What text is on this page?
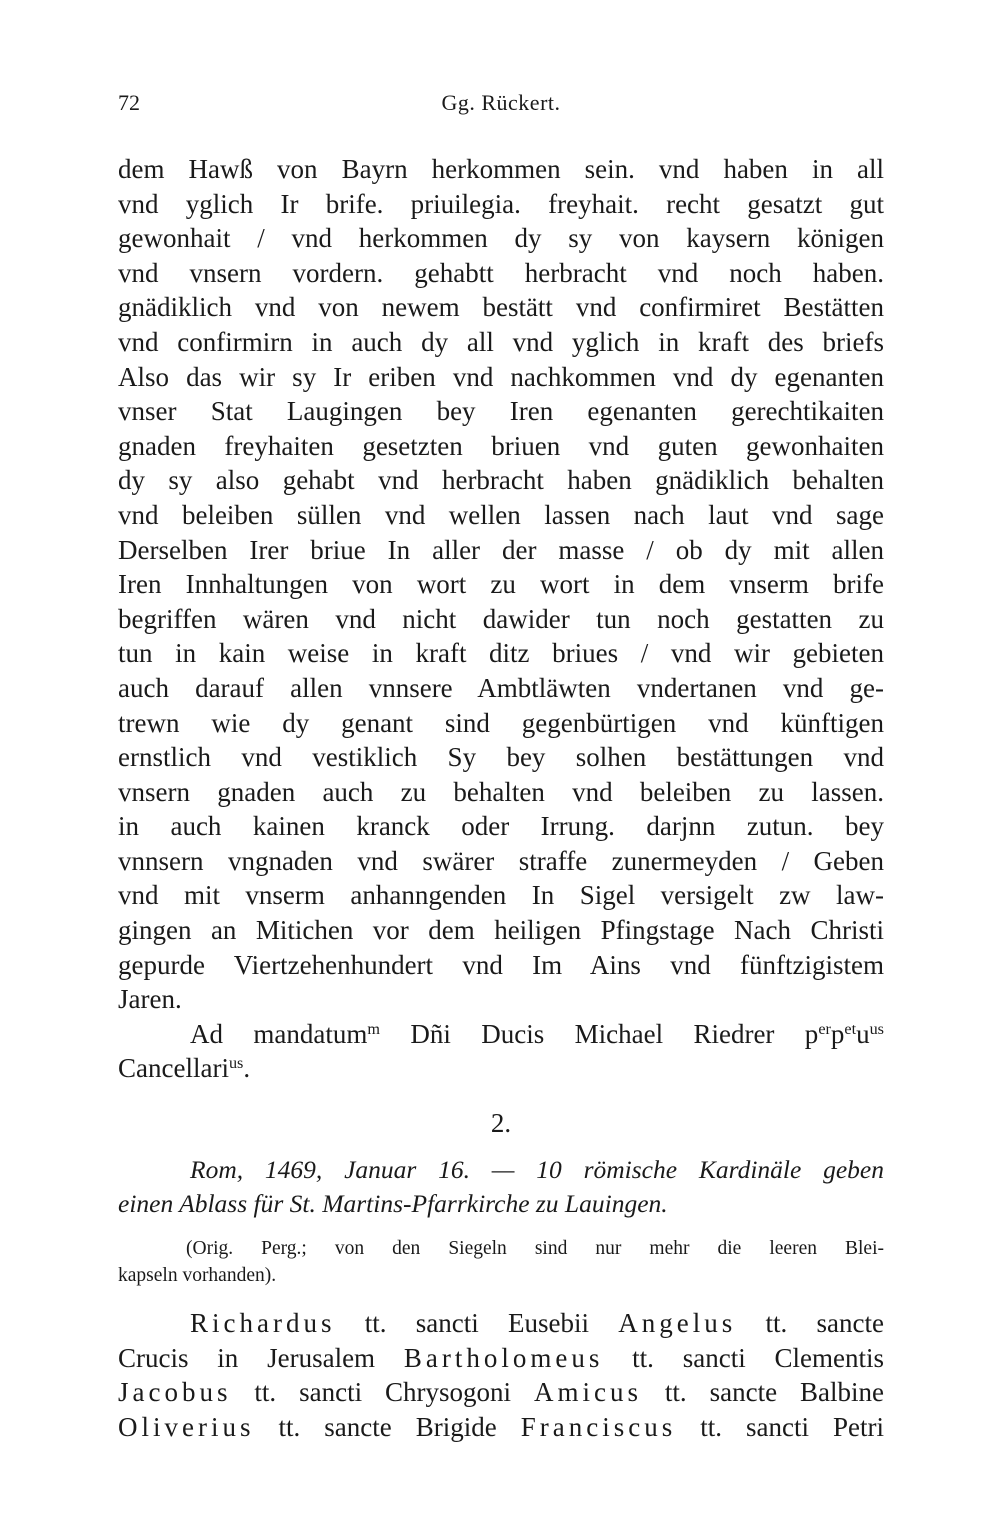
72	Gg. Rückert.
dem Hawß von Bayrn herkommen sein. vnd haben in all
vnd yglich Ir brife. priuilegia. freyhait. recht gesatzt gut
gewonhait / vnd herkommen dy sy von kaysern königen
vnd vnsern vordern. gehabtt herbracht vnd noch haben.
gnädiklich vnd von newem bestätt vnd confirmiret Bestätten
vnd confirmirn in auch dy all vnd yglich in kraft des briefs
Also das wir sy Ir eriben vnd nachkommen vnd dy egenanten
vnser Stat Laugingen bey Iren egenanten gerechtikaiten
gnaden freyhaiten gesetzten briuen vnd guten gewonhaiten
dy sy also gehabt vnd herbracht haben gnädiklich behalten
vnd beleiben süllen vnd wellen lassen nach laut vnd sage
Derselben Irer briue In aller der masse / ob dy mit allen
Iren Innhaltungen von wort zu wort in dem vnserm brife
begriffen wären vnd nicht dawider tun noch gestatten zu
tun in kain weise in kraft ditz briues / vnd wir gebieten
auch darauf allen vnnsere Ambtläwten vndertanen vnd ge-
trewn wie dy genant sind gegenbürtigen vnd künftigen
ernstlich vnd vestiklich Sy bey solhen bestättungen vnd
vnsern gnaden auch zu behalten vnd beleiben zu lassen.
in auch kainen kranck oder Irrung. darjnn zutun. bey
vnnsern vngnaden vnd swärer straffe zunermeyden / Geben
vnd mit vnserm anhanngenden In Sigel versigelt zw law-
gingen an Mitichen vor dem heiligen Pfingstage Nach Christi
gepurde Viertzehenhundert vnd Im Ains vnd fünftzigistem
Jaren.
Ad mandatum$^m$ Dñi Ducis Michael Riedrer $p^{er}p^{et}u^{us}$
Cancellari$^{us}$.
2.
Rom, 1469, Januar 16. — 10 römische Kardinäle geben
einen Ablass für St. Martins-Pfarrkirche zu Lauingen.
(Orig. Perg.; von den Siegeln sind nur mehr die leeren Blei-
kapseln vorhanden).
Richardus tt. sancti Eusebii Angelus tt. sancte
Crucis in Jerusalem Bartholomeus tt. sancti Clementis
Jacobus tt. sancti Chrysogoni Amicus tt. sancte Balbine
Oliverius tt. sancte Brigide Franciscus tt. sancti Petri
